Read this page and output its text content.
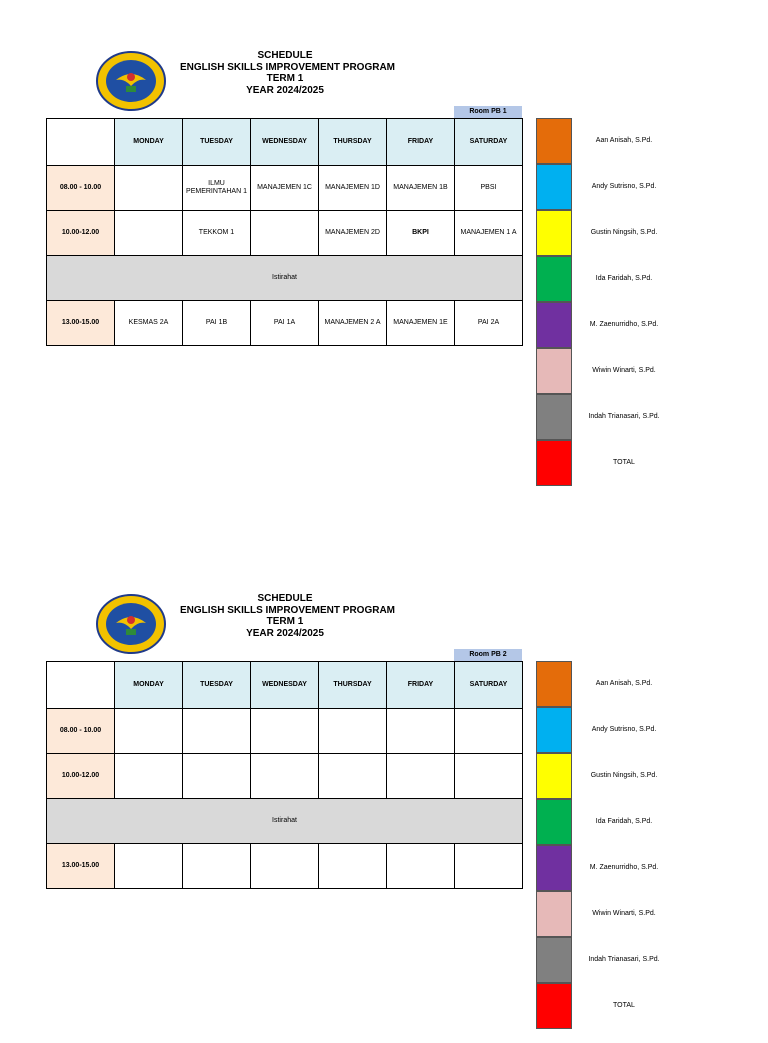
SCHEDULE
ENGLISH SKILLS IMPROVEMENT PROGRAM
TERM 1
YEAR 2024/2025
Room PB 1
	MONDAY	TUESDAY	WEDNESDAY	THURSDAY	FRIDAY	SATURDAY
08.00 - 10.00		ILMU PEMERINTAHAN 1	MANAJEMEN 1C	MANAJEMEN 1D	MANAJEMEN 1B	PBSI
10.00-12.00		TEKKOM 1		MANAJEMEN 2D	BKPI	MANAJEMEN 1 A
Istirahat						
13.00-15.00	KESMAS 2A	PAI 1B	PAI 1A	MANAJEMEN 2 A	MANAJEMEN 1E	PAI 2A
Aan Anisah, S.Pd.
Andy Sutrisno, S.Pd.
Gustin Ningsih, S.Pd.
Ida Faridah, S.Pd.
M. Zaenurridho, S.Pd.
Wiwin Winarti, S.Pd.
Indah Trianasari, S.Pd.
TOTAL
SCHEDULE
ENGLISH SKILLS IMPROVEMENT PROGRAM
TERM 1
YEAR 2024/2025
Room PB 2
	MONDAY	TUESDAY	WEDNESDAY	THURSDAY	FRIDAY	SATURDAY
08.00 - 10.00						
10.00-12.00						
Istirahat						
13.00-15.00						
Aan Anisah, S.Pd.
Andy Sutrisno, S.Pd.
Gustin Ningsih, S.Pd.
Ida Faridah, S.Pd.
M. Zaenurridho, S.Pd.
Wiwin Winarti, S.Pd.
Indah Trianasari, S.Pd.
TOTAL
